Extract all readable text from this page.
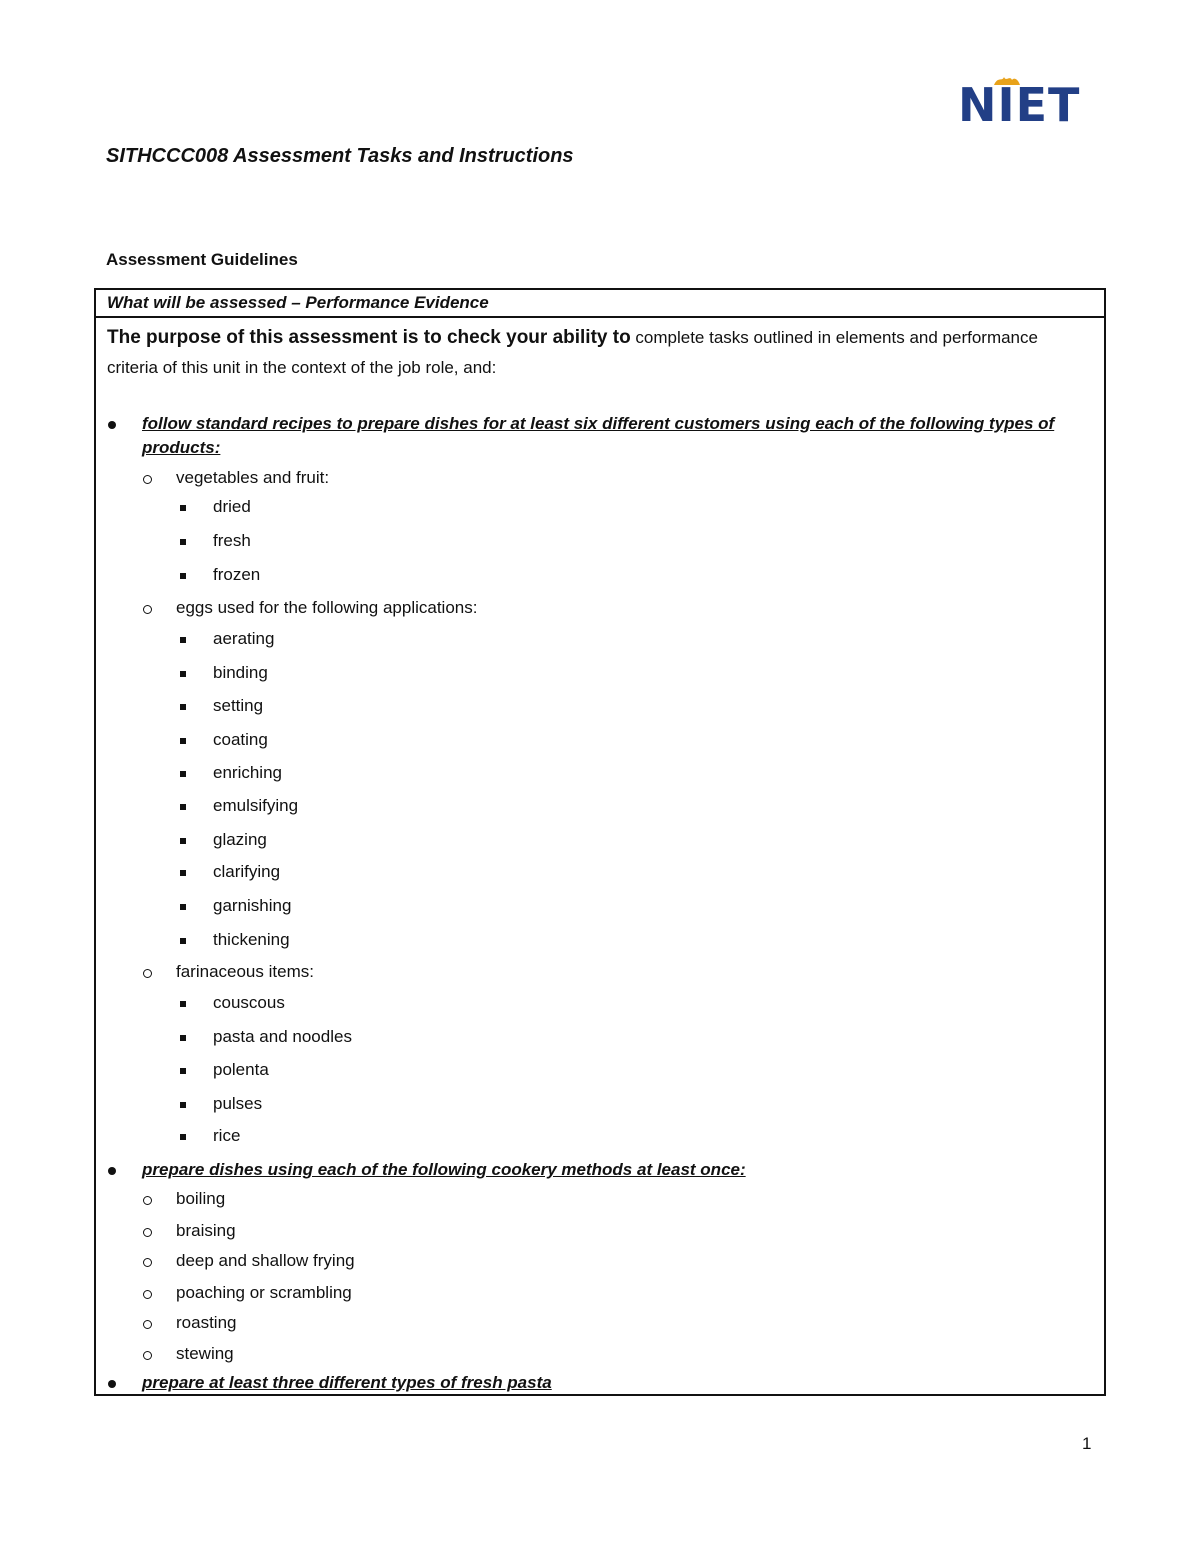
NIET
SITHCCC008 Assessment Tasks and Instructions
Assessment Guidelines
What will be assessed – Performance Evidence
The purpose of this assessment is to check your ability to complete tasks outlined in elements and performance criteria of this unit in the context of the job role, and:
follow standard recipes to prepare dishes for at least six different customers using each of the following types of
products:
vegetables and fruit:
dried
fresh
frozen
eggs used for the following applications:
aerating
binding
setting
coating
enriching
emulsifying
glazing
clarifying
garnishing
thickening
farinaceous items:
couscous
pasta and noodles
polenta
pulses
rice
prepare dishes using each of the following cookery methods at least once:
boiling
braising
deep and shallow frying
poaching or scrambling
roasting
stewing
prepare at least three different types of fresh pasta
1
